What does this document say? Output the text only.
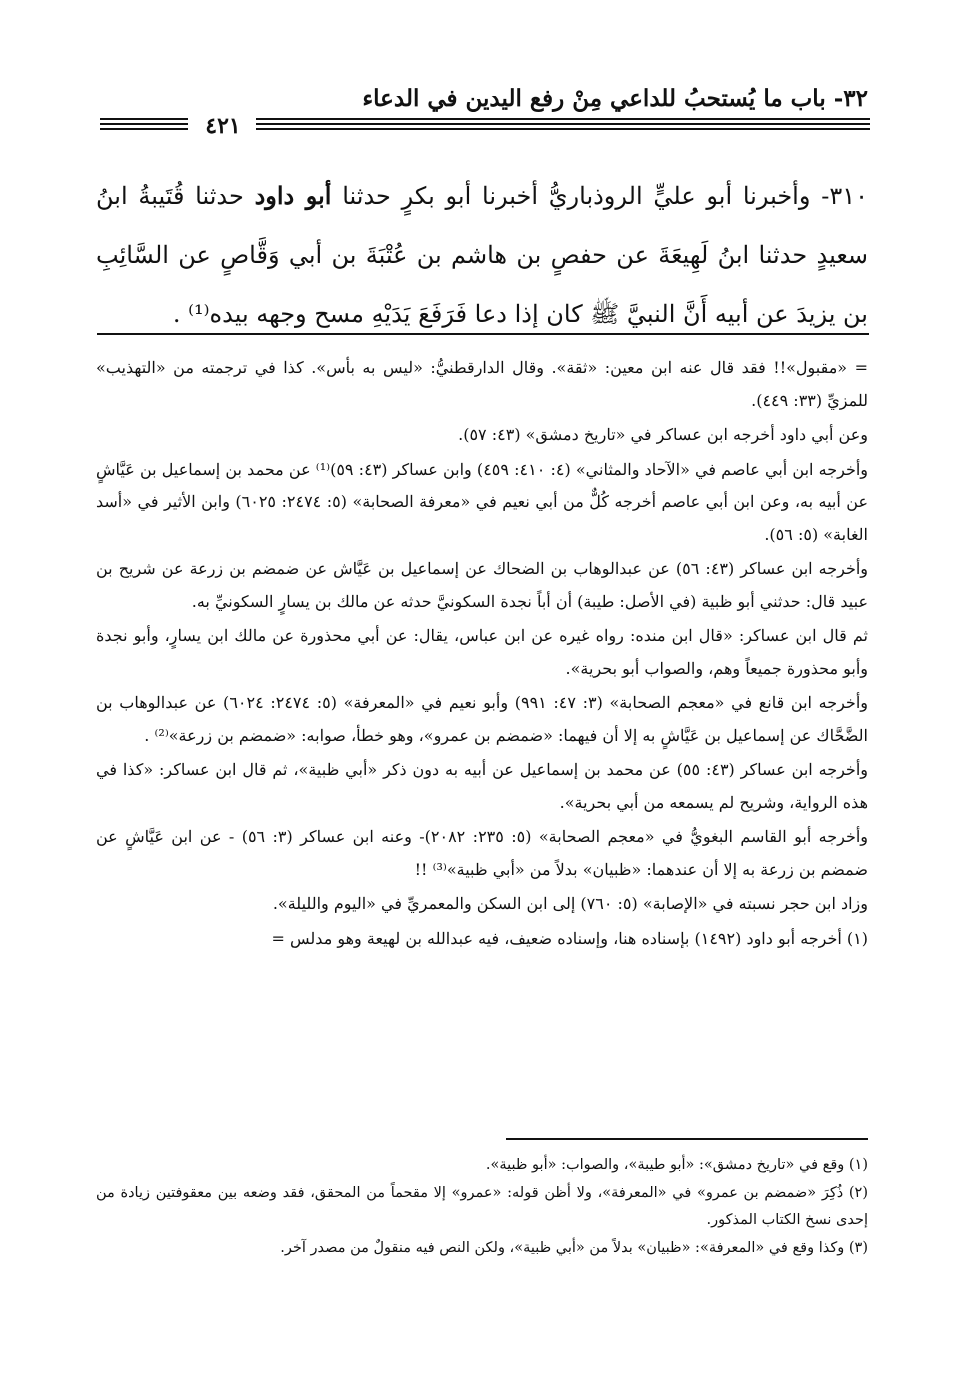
٣٢- باب ما يُستحبُ للداعي مِنْ رفع اليدين في الدعاء
٤٢١
٣١٠- وأخبرنا أبو عليٍّ الروذباريُّ أخبرنا أبو بكرٍ حدثنا أبو داود حدثنا قُتَيبةُ ابنُ سعيدٍ حدثنا ابنُ لَهِيعَةَ عن حفصٍ بن هاشم بن عُتْبَةَ بن أبي وَقَّاصٍ عن السَّائِبِ بن يزيدَ عن أبيه أَنَّ النبيَّ ﷺ كان إذا دعا فَرَفَعَ يَدَيْهِ مسح وجهه بيده⁽¹⁾ .

= «مقبول»!! فقد قال عنه ابن معين: «ثقة». وقال الدارقطنيُّ: «ليس به بأس». كذا في ترجمته من «التهذيب» للمزيِّ (٣٣: ٤٤٩).

وعن أبي داود أخرجه ابن عساكر في «تاريخ دمشق» (٤٣: ٥٧).

وأخرجه ابن أبي عاصم في «الآحاد والمثاني» (٤: ٤١٠: ٤٥٩) وابن عساكر (٤٣: ٥٩)⁽¹⁾ عن محمد بن إسماعيل بن عَيَّاشٍ عن أبيه به، وعن ابن أبي عاصم أخرجه كُلٌّ من أبي نعيم في «معرفة الصحابة» (٥: ٢٤٧٤: ٦٠٢٥) وابن الأثير في «أسد الغابة» (٥: ٥٦).

وأخرجه ابن عساكر (٤٣: ٥٦) عن عبدالوهاب بن الضحاك عن إسماعيل بن عَيَّاش عن ضمضم بن زرعة عن شريح بن عبيد قال: حدثني أبو ظبية (في الأصل: طيبة) أن أباً نجدة السكونيَّ حدثه عن مالك بن يسارٍ السكونيِّ به.

ثم قال ابن عساكر: «قال ابن منده: رواه غيره عن ابن عباس، يقال: عن أبي محذورة عن مالك ابن يسارٍ، وأبو نجدة وأبو محذورة جميعاً وهم، والصواب أبو بحرية».

وأخرجه ابن قانع في «معجم الصحابة» (٣: ٤٧: ٩٩١) وأبو نعيم في «المعرفة» (٥: ٢٤٧٤: ٦٠٢٤) عن عبدالوهاب بن الضَّحَّاك عن إسماعيل بن عَيَّاشٍ به إلا أن فيهما: «ضمضم بن عمرو»، وهو خطأ، صوابه: «ضمضم بن زرعة»⁽²⁾ .

وأخرجه ابن عساكر (٤٣: ٥٥) عن محمد بن إسماعيل عن أبيه به دون ذكر «أبي ظبية»، ثم قال ابن عساكر: «كذا في هذه الرواية، وشريح لم يسمعه من أبي بحرية».

وأخرجه أبو القاسم البغويُّ في «معجم الصحابة» (٥: ٢٣٥: ٢٠٨٢)- وعنه ابن عساكر (٣: ٥٦) - عن ابن عَيَّاشٍ عن ضمضم بن زرعة به إلا أن عندهما: «ظبيان» بدلاً من «أبي ظبية»⁽³⁾ !!

وزاد ابن حجر نسبته في «الإصابة» (٥: ٧٦٠) إلى ابن السكن والمعمريِّ في «اليوم والليلة».

(١) أخرجه أبو داود (١٤٩٢) بإسناده هنا، وإسناده ضعيف، فيه عبدالله بن لهيعة وهو مدلس =

(١) وقع في «تاريخ دمشق»: «أبو طيبة»، والصواب: «أبو ظبية».

(٢) ذُكِرَ «ضمضم بن عمرو» في «المعرفة»، ولا أظن قوله: «عمرو» إلا مقحماً من المحقق، فقد وضعه بين معقوفتين زيادة من إحدى نسخ الكتاب المذكور.

(٣) وكذا وقع في «المعرفة»: «ظبيان» بدلاً من «أبي ظبية»، ولكن النص فيه منقولٌ من مصدر آخر.
